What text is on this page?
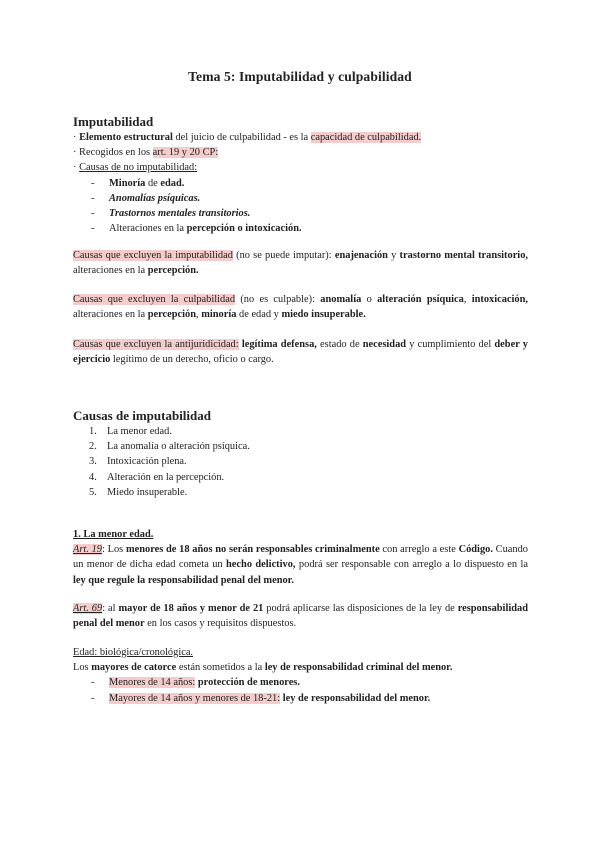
Tema 5: Imputabilidad y culpabilidad
Imputabilidad
· Elemento estructural del juicio de culpabilidad - es la capacidad de culpabilidad.
· Recogidos en los art. 19 y 20 CP:
· Causas de no imputabilidad:
- Minoría de edad.
- Anomalías psíquicas.
- Trastornos mentales transitorios.
- Alteraciones en la percepción o intoxicación.
Causas que excluyen la imputabilidad (no se puede imputar): enajenación y trastorno mental transitorio, alteraciones en la percepción.
Causas que excluyen la culpabilidad (no es culpable): anomalía o alteración psíquica, intoxicación, alteraciones en la percepción, minoría de edad y miedo insuperable.
Causas que excluyen la antijuridicidad: legítima defensa, estado de necesidad y cumplimiento del deber y ejercicio legítimo de un derecho, oficio o cargo.
Causas de imputabilidad
1. La menor edad.
2. La anomalía o alteración psíquica.
3. Intoxicación plena.
4. Alteración en la percepción.
5. Miedo insuperable.
1. La menor edad.
Art. 19: Los menores de 18 años no serán responsables criminalmente con arreglo a este Código. Cuando un menor de dicha edad cometa un hecho delictivo, podrá ser responsable con arreglo a lo dispuesto en la ley que regule la responsabilidad penal del menor.
Art. 69: al mayor de 18 años y menor de 21 podrá aplicarse las disposiciones de la ley de responsabilidad penal del menor en los casos y requisitos dispuestos.
Edad: biológica/cronológica.
Los mayores de catorce están sometidos a la ley de responsabilidad criminal del menor.
- Menores de 14 años: protección de menores.
- Mayores de 14 años y menores de 18-21: ley de responsabilidad del menor.
